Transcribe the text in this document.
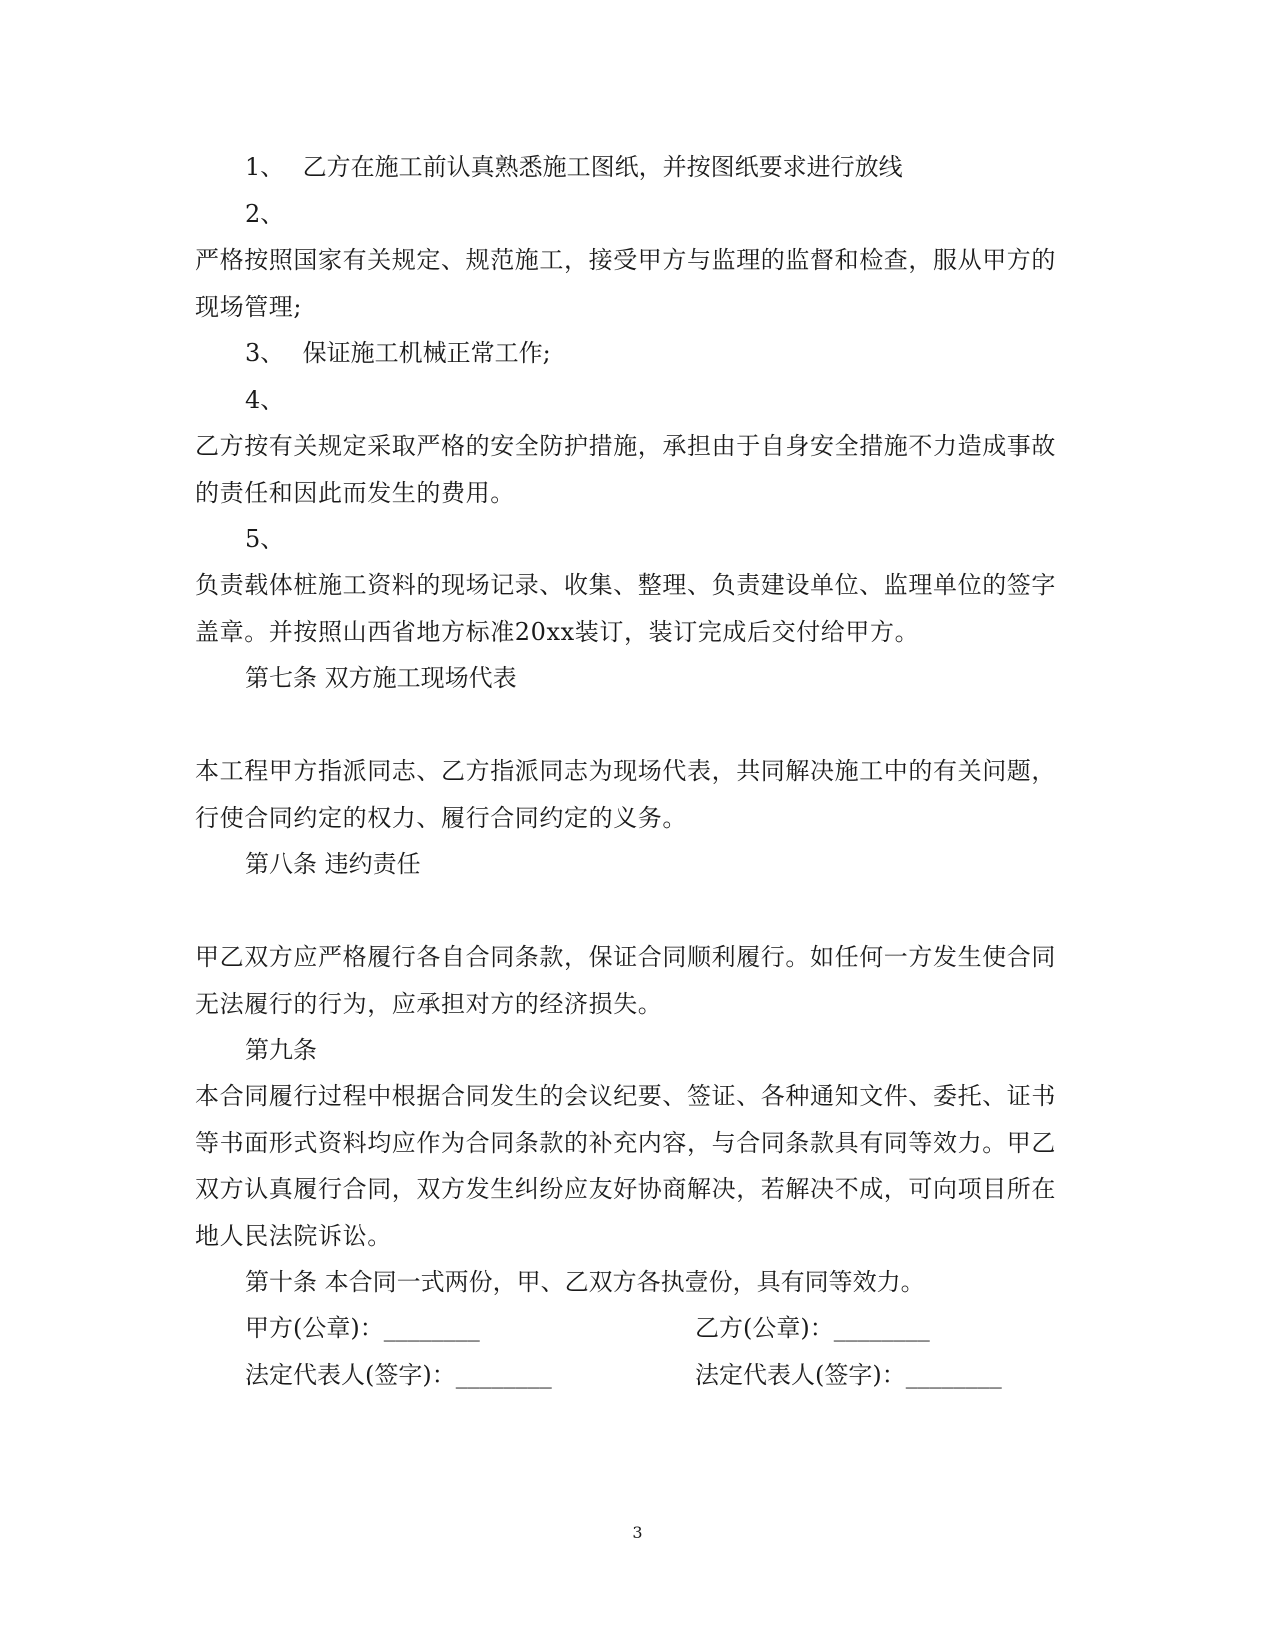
1、 乙方在施工前认真熟悉施工图纸，并按图纸要求进行放线
2、
严格按照国家有关规定、规范施工，接受甲方与监理的监督和检查，服从甲方的
现场管理;
3、 保证施工机械正常工作;
4、
乙方按有关规定采取严格的安全防护措施，承担由于自身安全措施不力造成事故
的责任和因此而发生的费用。
5、
负责载体桩施工资料的现场记录、收集、整理、负责建设单位、监理单位的签字
盖章。并按照山西省地方标准20xx装订，装订完成后交付给甲方。
第七条 双方施工现场代表
本工程甲方指派同志、乙方指派同志为现场代表，共同解决施工中的有关问题，
行使合同约定的权力、履行合同约定的义务。
第八条 违约责任
甲乙双方应严格履行各自合同条款，保证合同顺利履行。如任何一方发生使合同
无法履行的行为，应承担对方的经济损失。
第九条
本合同履行过程中根据合同发生的会议纪要、签证、各种通知文件、委托、证书
等书面形式资料均应作为合同条款的补充内容，与合同条款具有同等效力。甲乙
双方认真履行合同，双方发生纠纷应友好协商解决，若解决不成，可向项目所在
地人民法院诉讼。
第十条 本合同一式两份，甲、乙双方各执壹份，具有同等效力。
甲方(公章)：________	乙方(公章)：________
法定代表人(签字)：________	法定代表人(签字)：________
3
